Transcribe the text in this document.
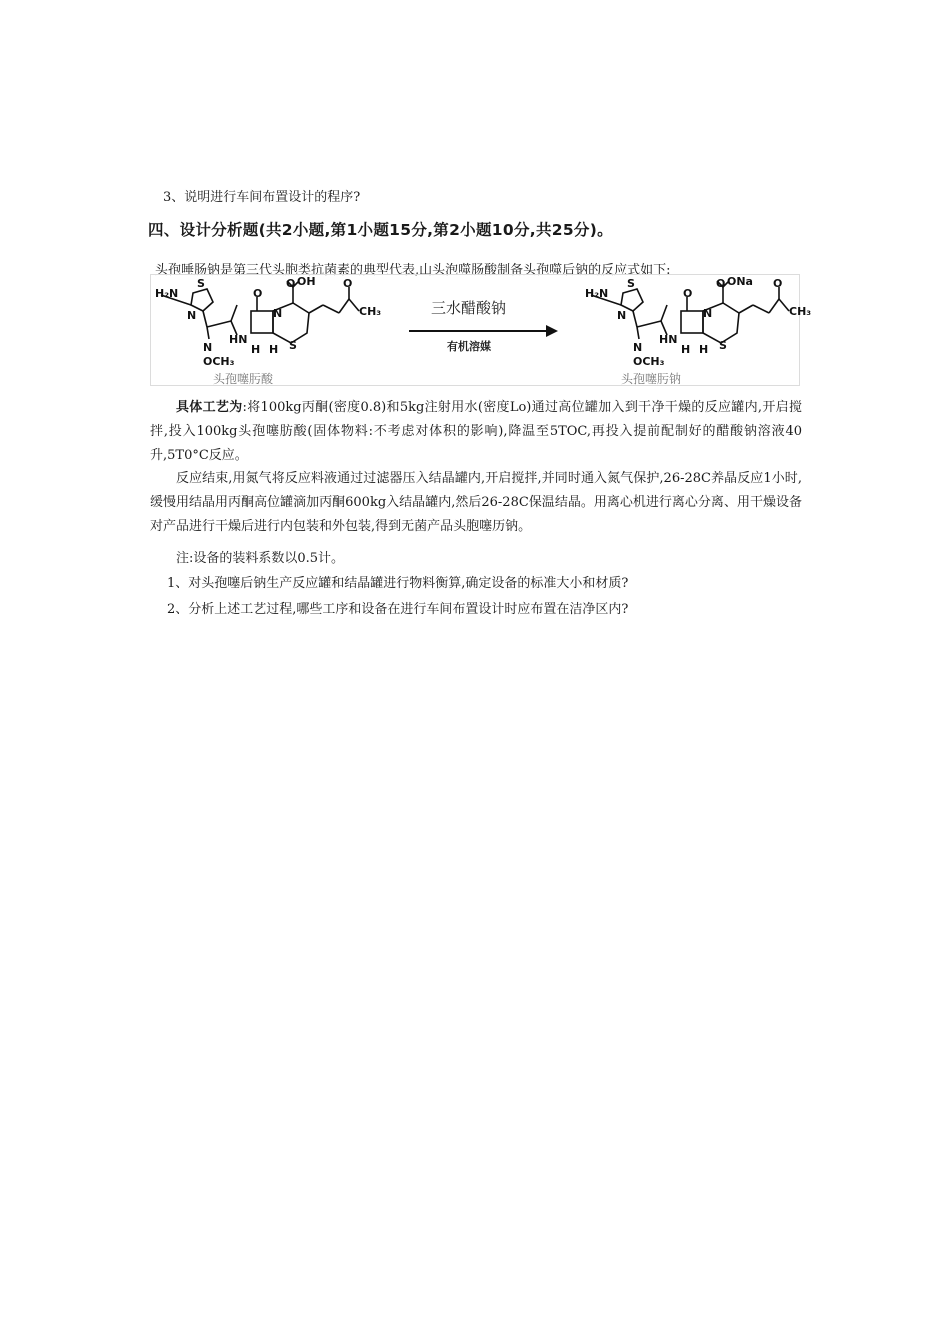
3、说明进行车间布置设计的程序?
四、设计分析题(共2小题,第1小题15分,第2小题10分,共25分)。
头孢唾肠钠是第三代头胞类抗菌素的典型代表,山头泡噬肠酸制备头孢噬后钠的反应式如下:
H₂N
S
N
N
OCH₃
HN
H H
O
O OH
S
N
O
CH₃
头孢噻肟酸
三水醋酸钠
有机溶媒
H₂N
S
N
N
OCH₃
HN
H H
O
O ONa
S
N
O
CH₃
头孢噻肟钠
具体工艺为:将100kg丙酮(密度0.8)和5kg注射用水(密度Lo)通过高位罐加入到干净干燥的反应罐内,开启搅拌,投入100kg头孢噻肪酸(固体物料:不考虑对体积的影响),降温至5TOC,再投入提前配制好的醋酸钠溶液40升,5T0°C反应。
反应结束,用氮气将反应料液通过过滤器压入结晶罐内,开启搅拌,并同时通入氮气保护,26-28C养晶反应1小时,缓慢用结晶用丙酮高位罐滴加丙酮600kg入结晶罐内,然后26-28C保温结晶。用离心机进行离心分离、用干燥设备对产品进行干燥后进行内包装和外包装,得到无菌产品头胞噻历钠。
注:设备的装料系数以0.5计。
1、对头孢噻后钠生产反应罐和结晶罐进行物料衡算,确定设备的标准大小和材质?
2、分析上述工艺过程,哪些工序和设备在进行车间布置设计时应布置在洁净区内?
